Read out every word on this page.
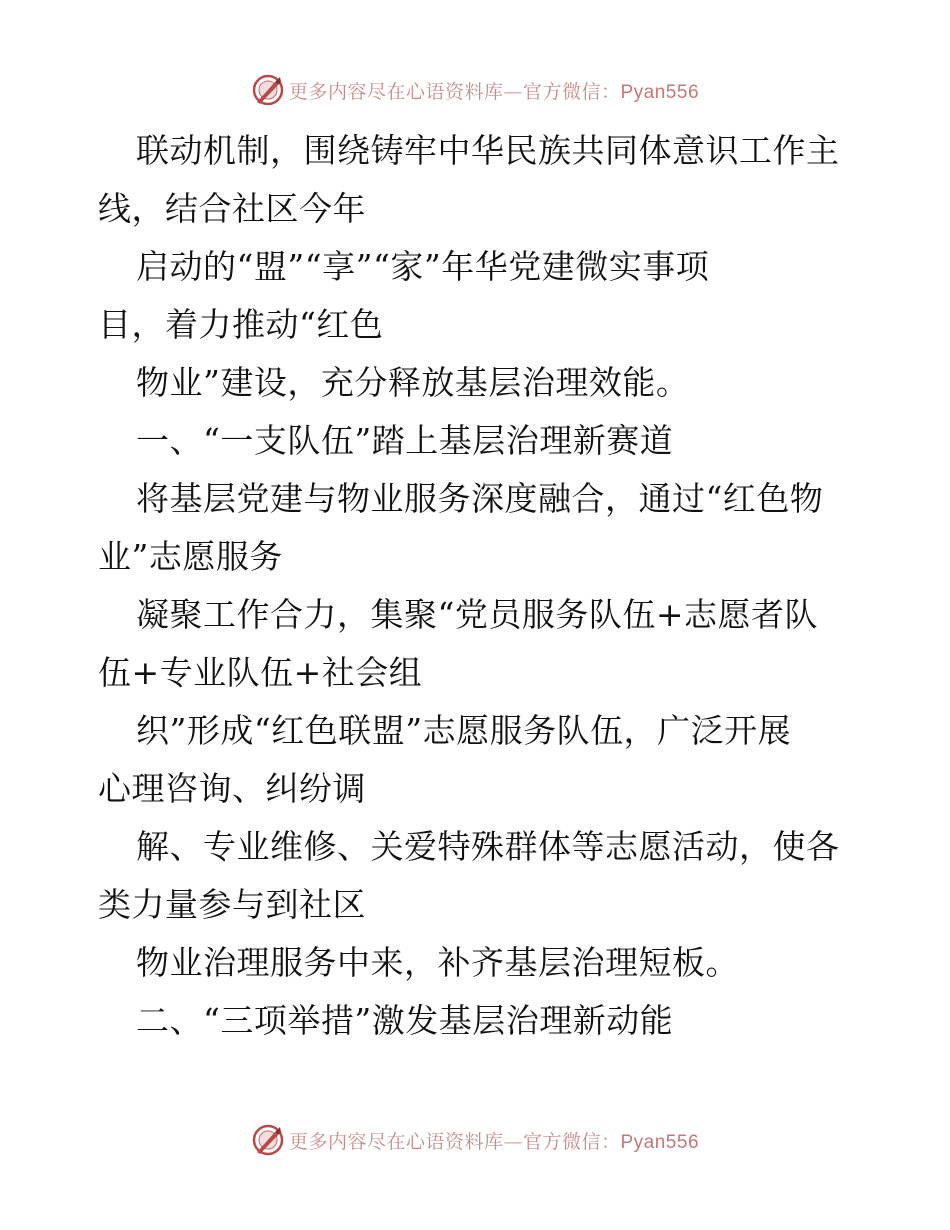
更多内容尽在心语资料库—官方微信：Pyan556
联动机制，围绕铸牢中华民族共同体意识工作主
线，结合社区今年
启动的“盟”“享”“家”年华党建微实事项
目，着力推动“红色
物业”建设，充分释放基层治理效能。
一、“一支队伍”踏上基层治理新赛道
将基层党建与物业服务深度融合，通过“红色物
业”志愿服务
凝聚工作合力，集聚“党员服务队伍+志愿者队
伍+专业队伍+社会组
织”形成“红色联盟”志愿服务队伍，广泛开展
心理咨询、纠纷调
解、专业维修、关爱特殊群体等志愿活动，使各
类力量参与到社区
物业治理服务中来，补齐基层治理短板。
二、“三项举措”激发基层治理新动能
更多内容尽在心语资料库—官方微信：Pyan556
